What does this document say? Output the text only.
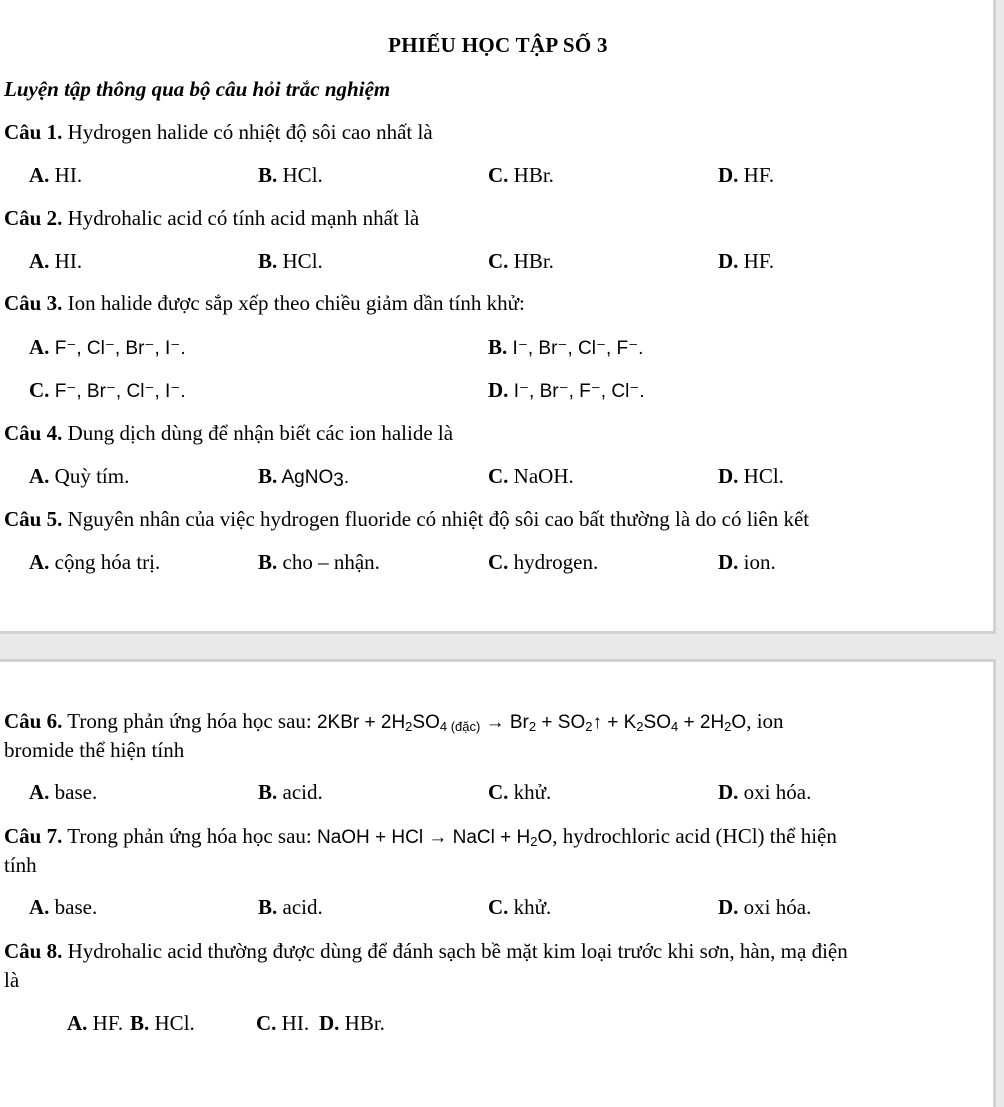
PHIẾU HỌC TẬP SỐ 3
Luyện tập thông qua bộ câu hỏi trắc nghiệm
Câu 1. Hydrogen halide có nhiệt độ sôi cao nhất là
A. HI.	B. HCl.	C. HBr.	D. HF.
Câu 2. Hydrohalic acid có tính acid mạnh nhất là
A. HI.	B. HCl.	C. HBr.	D. HF.
Câu 3. Ion halide được sắp xếp theo chiều giảm dần tính khử:
A. F⁻, Cl⁻, Br⁻, I⁻.	B. I⁻, Br⁻, Cl⁻, F⁻.
C. F⁻, Br⁻, Cl⁻, I⁻.	D. I⁻, Br⁻, F⁻, Cl⁻.
Câu 4. Dung dịch dùng để nhận biết các ion halide là
A. Quỳ tím.	B. AgNO$_3$.	C. NaOH.	D. HCl.
Câu 5. Nguyên nhân của việc hydrogen fluoride có nhiệt độ sôi cao bất thường là do có liên kết
A. cộng hóa trị.	B. cho – nhận.	C. hydrogen.	D. ion.
Câu 6. Trong phản ứng hóa học sau: $2KBr + 2H_2SO_4$ (đặc) → $Br_2$ + $SO_2↑ + K_2SO_4 + 2H_2O$, ion
bromide thể hiện tính
A. base.	B. acid.	C. khử.	D. oxi hóa.
Câu 7. Trong phản ứng hóa học sau: NaOH + HCl → NaCl + $H_2O$, hydrochloric acid (HCl) thể hiện
tính
A. base.	B. acid.	C. khử.	D. oxi hóa.
Câu 8. Hydrohalic acid thường được dùng để đánh sạch bề mặt kim loại trước khi sơn, hàn, mạ điện
là
A. HF. B. HCl.	C. HI. D. HBr.
